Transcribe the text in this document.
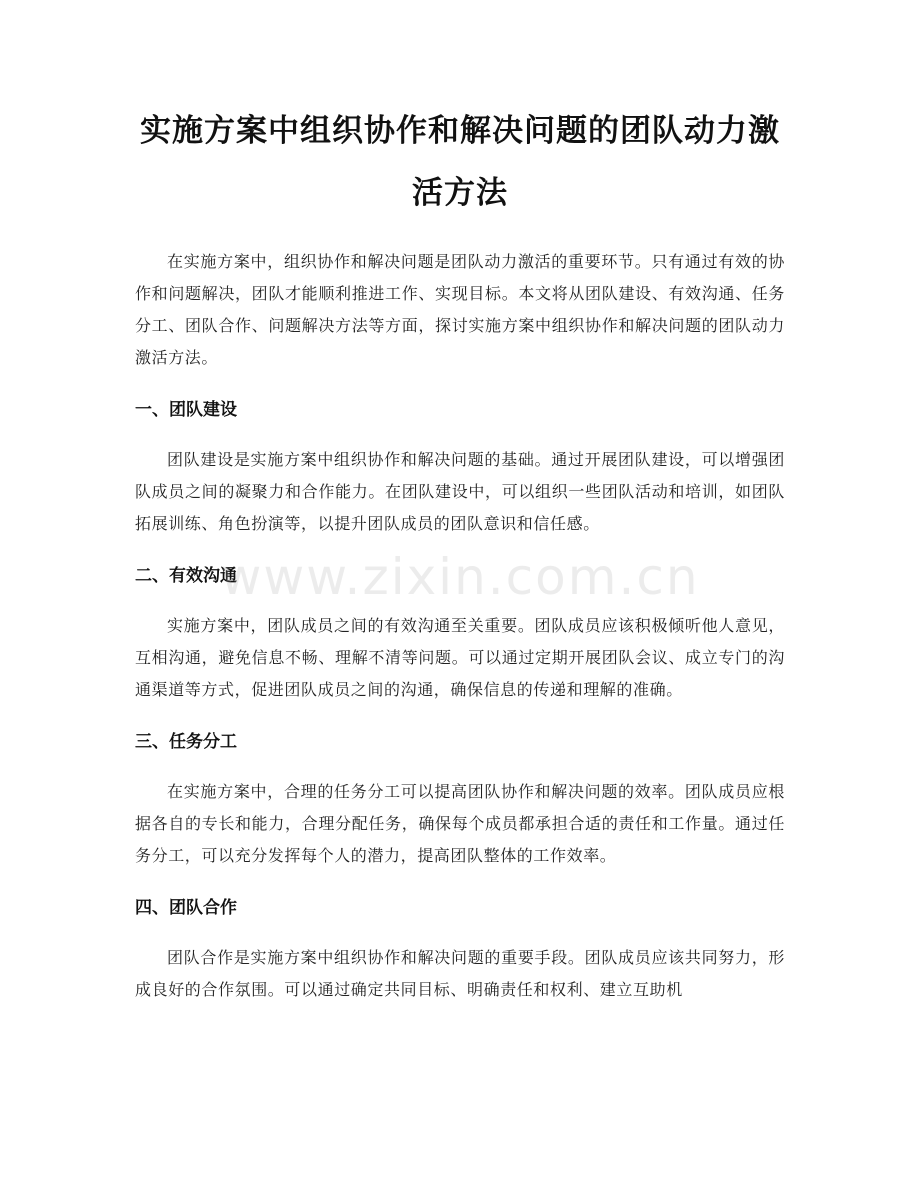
实施方案中组织协作和解决问题的团队动力激活方法

在实施方案中，组织协作和解决问题是团队动力激活的重要环节。只有通过有效的协作和问题解决，团队才能顺利推进工作、实现目标。本文将从团队建设、有效沟通、任务分工、团队合作、问题解决方法等方面，探讨实施方案中组织协作和解决问题的团队动力激活方法。

一、团队建设

团队建设是实施方案中组织协作和解决问题的基础。通过开展团队建设，可以增强团队成员之间的凝聚力和合作能力。在团队建设中，可以组织一些团队活动和培训，如团队拓展训练、角色扮演等，以提升团队成员的团队意识和信任感。

二、有效沟通

实施方案中，团队成员之间的有效沟通至关重要。团队成员应该积极倾听他人意见，互相沟通，避免信息不畅、理解不清等问题。可以通过定期开展团队会议、成立专门的沟通渠道等方式，促进团队成员之间的沟通，确保信息的传递和理解的准确。

三、任务分工

在实施方案中，合理的任务分工可以提高团队协作和解决问题的效率。团队成员应根据各自的专长和能力，合理分配任务，确保每个成员都承担合适的责任和工作量。通过任务分工，可以充分发挥每个人的潜力，提高团队整体的工作效率。

四、团队合作

团队合作是实施方案中组织协作和解决问题的重要手段。团队成员应该共同努力，形成良好的合作氛围。可以通过确定共同目标、明确责任和权利、建立互助机

www.zixin.com.cn
